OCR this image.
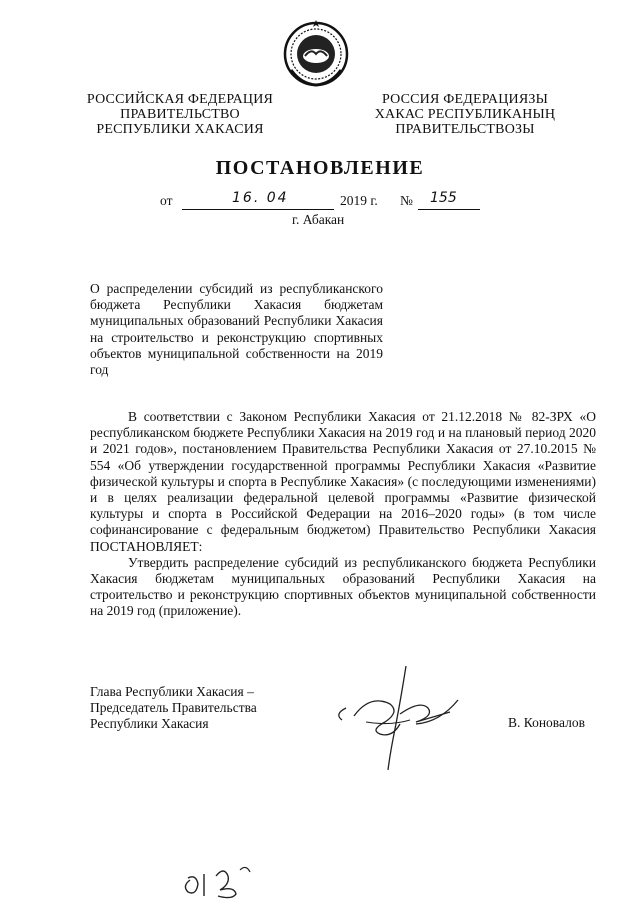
РОССИЙСКАЯ ФЕДЕРАЦИЯ
ПРАВИТЕЛЬСТВО
РЕСПУБЛИКИ ХАКАСИЯ
РОССИЯ ФЕДЕРАЦИЯЗЫ
ХАКАС РЕСПУБЛИКАНЫҢ
ПРАВИТЕЛЬСТВОЗЫ
ПОСТАНОВЛЕНИЕ
от	16. 04	2019 г. № 155
г. Абакан
О распределении субсидий из республиканского бюджета Республики Хакасия бюджетам муниципальных образований Республики Хакасия на строительство и реконструкцию спортивных объектов муниципальной собственности на 2019 год

В соответствии с Законом Республики Хакасия от 21.12.2018 № 82-ЗРХ «О республиканском бюджете Республики Хакасия на 2019 год и на плановый период 2020 и 2021 годов», постановлением Правительства Республики Хакасия от 27.10.2015 № 554 «Об утверждении государственной программы Республики Хакасия «Развитие физической культуры и спорта в Республике Хакасия» (с последующими изменениями) и в целях реализации федеральной целевой программы «Развитие физической культуры и спорта в Российской Федерации на 2016–2020 годы» (в том числе софинансирование с федеральным бюджетом) Правительство Республики Хакасия ПОСТАНОВЛЯЕТ:

Утвердить распределение субсидий из республиканского бюджета Республики Хакасия бюджетам муниципальных образований Республики Хакасия на строительство и реконструкцию спортивных объектов муниципальной собственности на 2019 год (приложение).

Глава Республики Хакасия –
Председатель Правительства
Республики Хакасия	В. Коновалов
